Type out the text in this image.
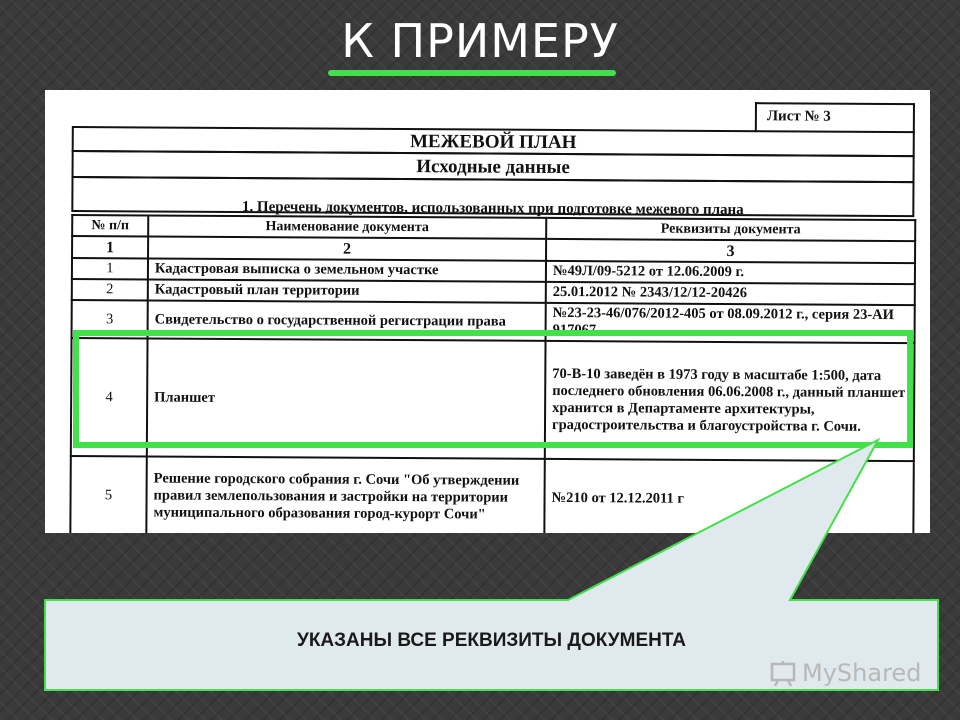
К ПРИМЕРУ
Лист № 3
МЕЖЕВОЙ ПЛАН
Исходные данные
1. Перечень документов, использованных при подготовке межевого плана
№ п/п	Наименование документа	Реквизиты документа
1	2	3
1	Кадастровая выписка о земельном участке	№49Л/09-5212 от 12.06.2009 г.
2	Кадастровый план территории	25.01.2012 № 2343/12/12-20426
3	Свидетельство о государственной регистрации права	№23-23-46/076/2012-405 от 08.09.2012 г., серия 23-АИ 917067
4	Планшет	70-В-10 заведён в 1973 году в масштабе 1:500, дата последнего обновления 06.06.2008 г., данный планшет хранится в Департаменте архитектуры, градостроительства и благоустройства г. Сочи.
5	Решение городского собрания г. Сочи "Об утверждении правил землепользования и застройки на территории муниципального образования город-курорт Сочи"	№210 от 12.12.2011 г
УКАЗАНЫ ВСЕ РЕКВИЗИТЫ ДОКУМЕНТА
MyShared
